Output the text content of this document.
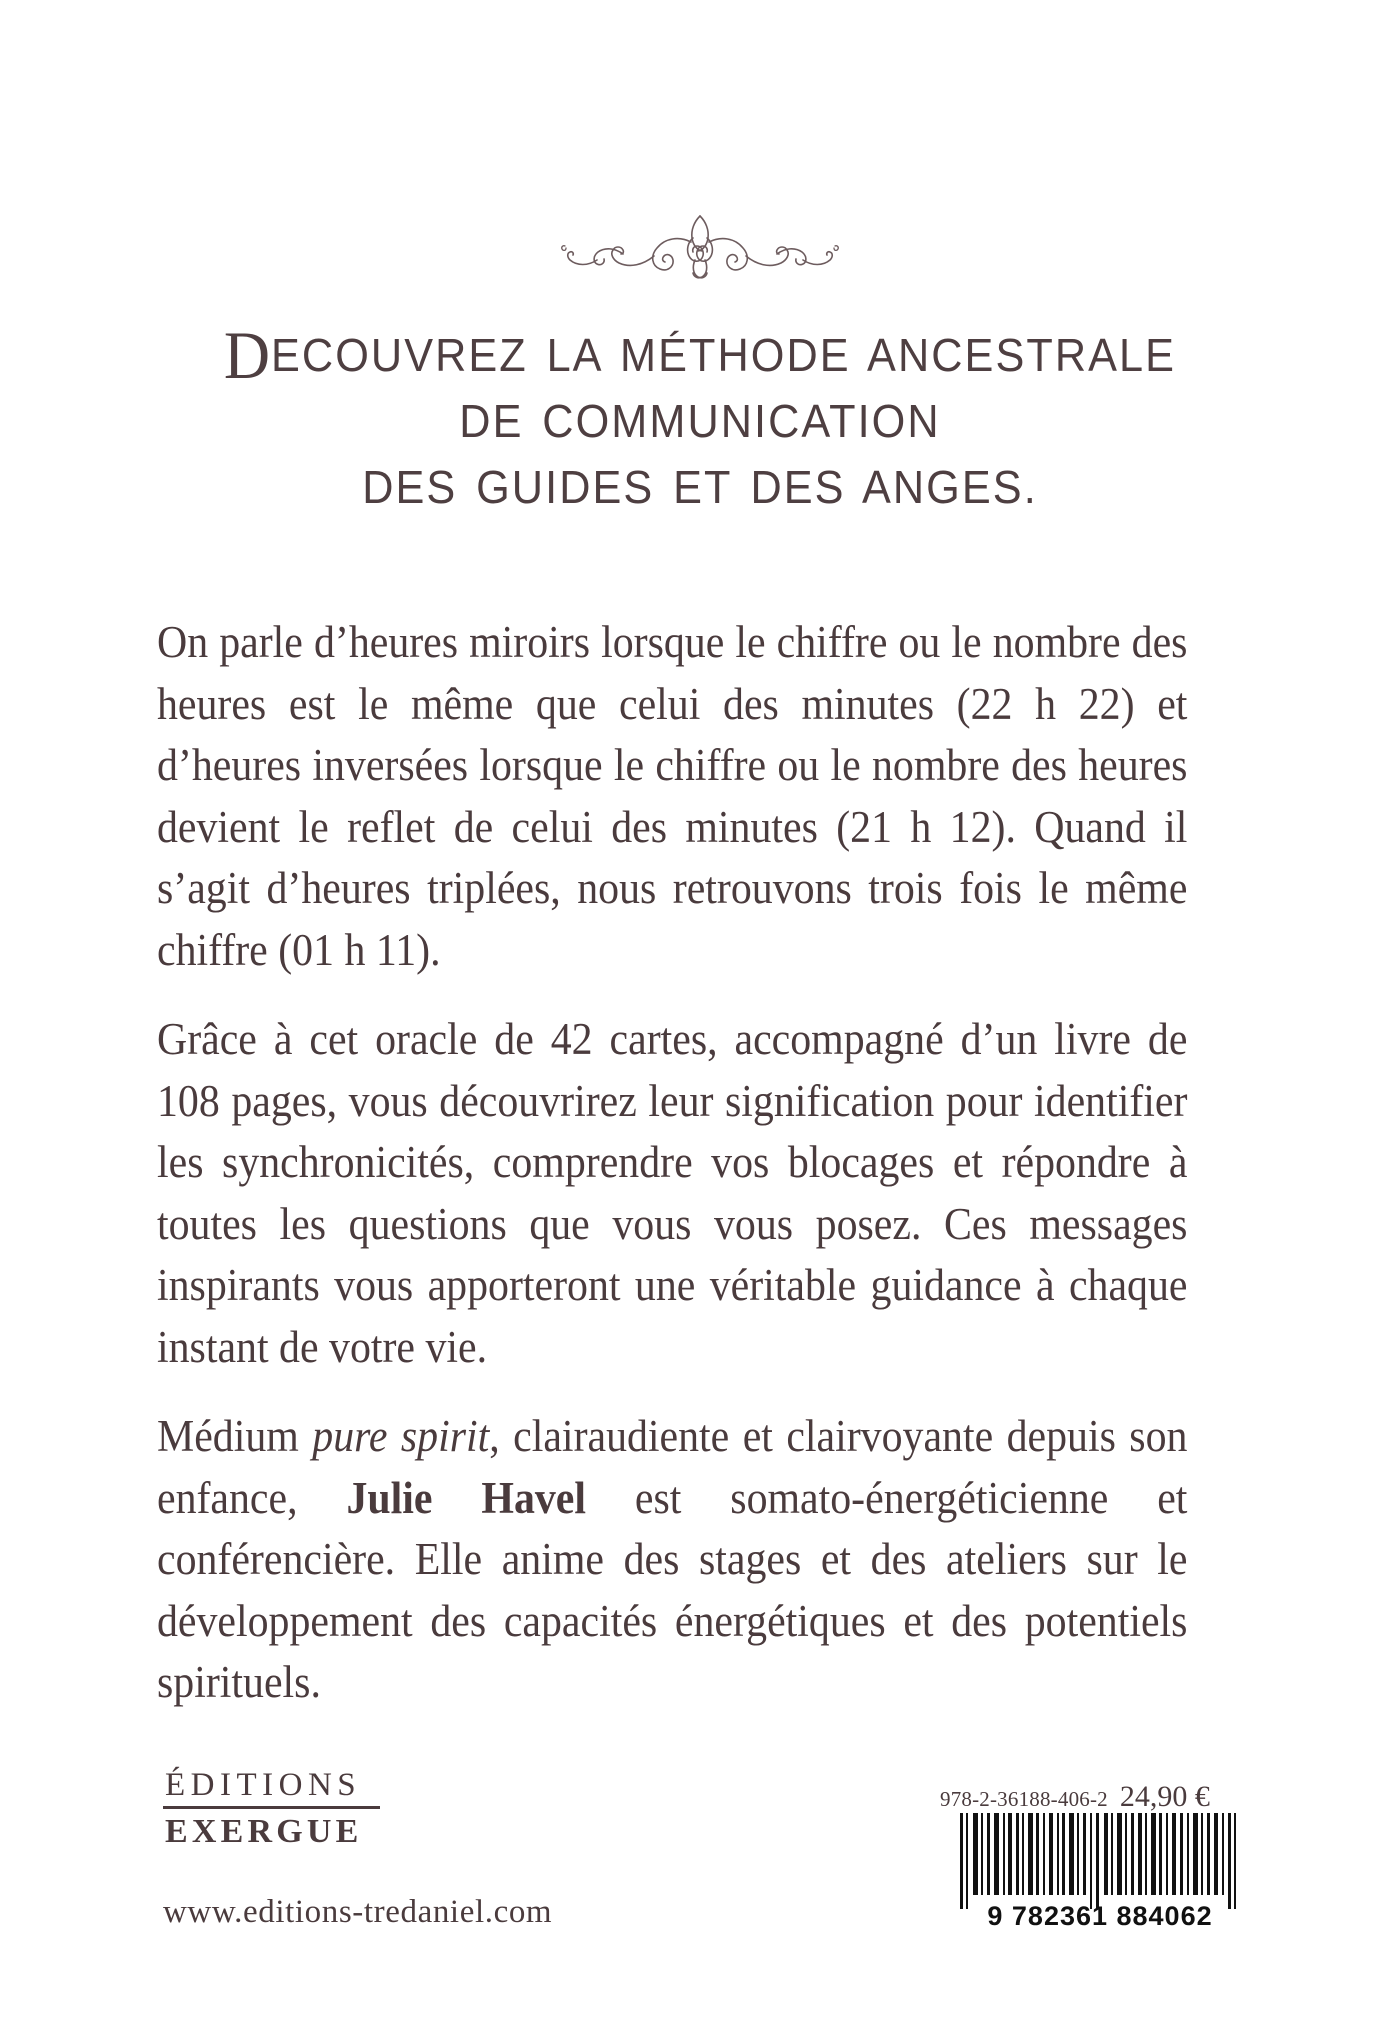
DECOUVREZ LA MÉTHODE ANCESTRALE
DE COMMUNICATION
DES GUIDES ET DES ANGES.

On parle d’heures miroirs lorsque le chiffre ou le nombre des heures est le même que celui des minutes (22 h 22) et d’heures inversées lorsque le chiffre ou le nombre des heures devient le reflet de celui des minutes (21 h 12). Quand il s’agit d’heures triplées, nous retrouvons trois fois le même chiffre (01 h 11).

Grâce à cet oracle de 42 cartes, accompagné d’un livre de 108 pages, vous découvrirez leur signification pour identifier les synchronicités, comprendre vos blocages et répondre à toutes les questions que vous vous posez. Ces messages inspirants vous apporteront une véritable guidance à chaque instant de votre vie.

Médium pure spirit, clairaudiente et clairvoyante depuis son enfance, Julie Havel est somato-énergéticienne et conférencière. Elle anime des stages et des ateliers sur le développement des capacités énergétiques et des potentiels spirituels.

ÉDITIONS
EXERGUE
www.editions-tredaniel.com
978-2-36188-406-2 24,90 €
9 782361 884062
